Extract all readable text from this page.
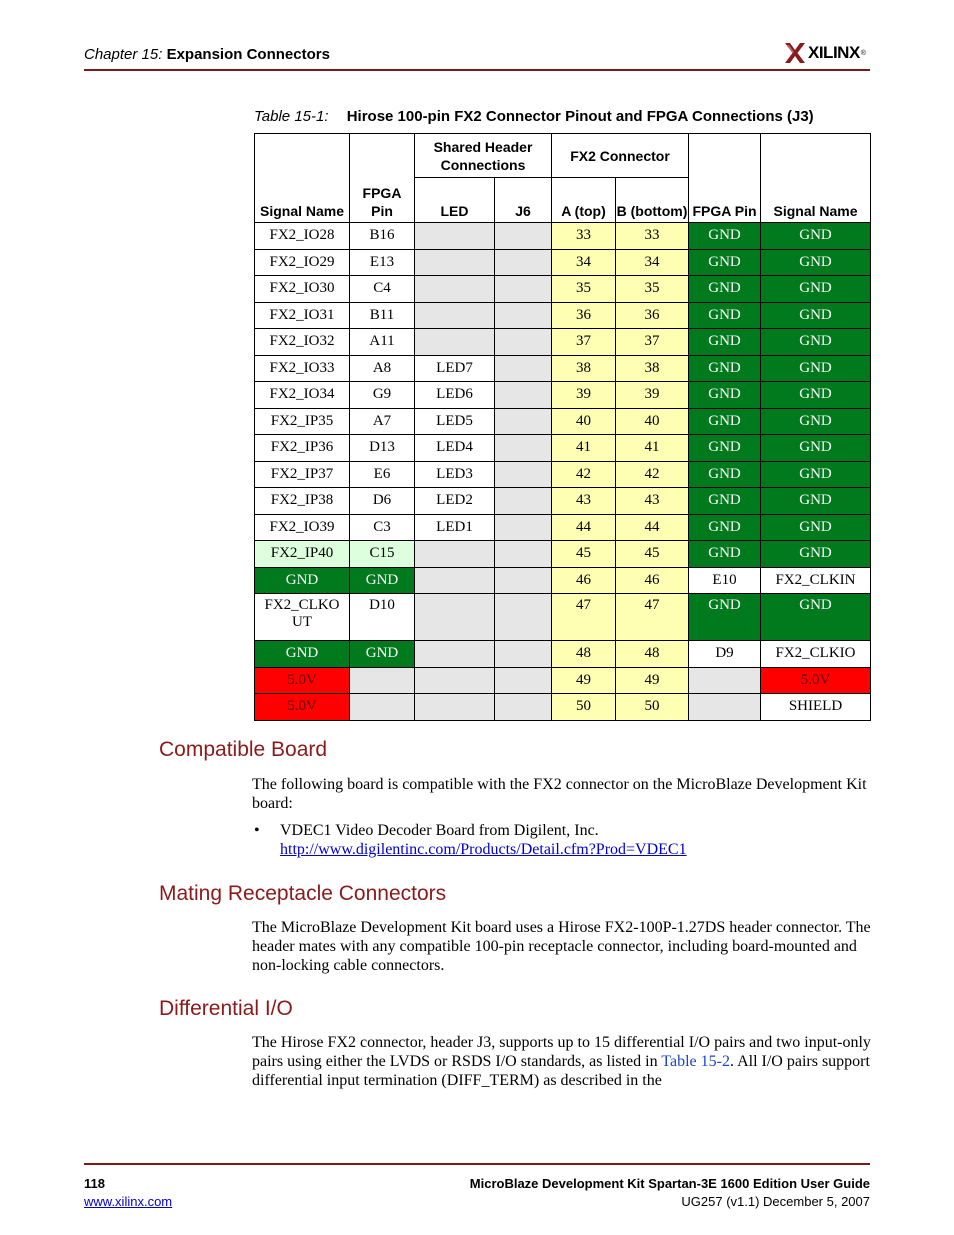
Chapter 15: Expansion Connectors	XILINX ®
Table 15-1: Hirose 100-pin FX2 Connector Pinout and FPGA Connections (J3)
Signal Name	FPGA Pin	Shared Header Connections		FX2 Connector		FPGA Pin	Signal Name
		LED	J6	A (top)	B (bottom)		
FX2_IO28	B16			33	33	GND	GND
FX2_IO29	E13			34	34	GND	GND
FX2_IO30	C4			35	35	GND	GND
FX2_IO31	B11			36	36	GND	GND
FX2_IO32	A11			37	37	GND	GND
FX2_IO33	A8	LED7		38	38	GND	GND
FX2_IO34	G9	LED6		39	39	GND	GND
FX2_IP35	A7	LED5		40	40	GND	GND
FX2_IP36	D13	LED4		41	41	GND	GND
FX2_IP37	E6	LED3		42	42	GND	GND
FX2_IP38	D6	LED2		43	43	GND	GND
FX2_IO39	C3	LED1		44	44	GND	GND
FX2_IP40	C15			45	45	GND	GND
GND	GND			46	46	E10	FX2_CLKIN
FX2_CLKOUT	D10			47	47	GND	GND
GND	GND			48	48	D9	FX2_CLKIO
5.0V				49	49		5.0V
5.0V				50	50		SHIELD
Compatible Board
The following board is compatible with the FX2 connector on the MicroBlaze Development Kit board:
• VDEC1 Video Decoder Board from Digilent, Inc.
http://www.digilentinc.com/Products/Detail.cfm?Prod=VDEC1
Mating Receptacle Connectors
The MicroBlaze Development Kit board uses a Hirose FX2-100P-1.27DS header connector. The header mates with any compatible 100-pin receptacle connector, including board-mounted and non-locking cable connectors.
Differential I/O
The Hirose FX2 connector, header J3, supports up to 15 differential I/O pairs and two input-only pairs using either the LVDS or RSDS I/O standards, as listed in Table 15-2. All I/O pairs support differential input termination (DIFF_TERM) as described in the
118
www.xilinx.com
MicroBlaze Development Kit Spartan-3E 1600 Edition User Guide
UG257 (v1.1) December 5, 2007
